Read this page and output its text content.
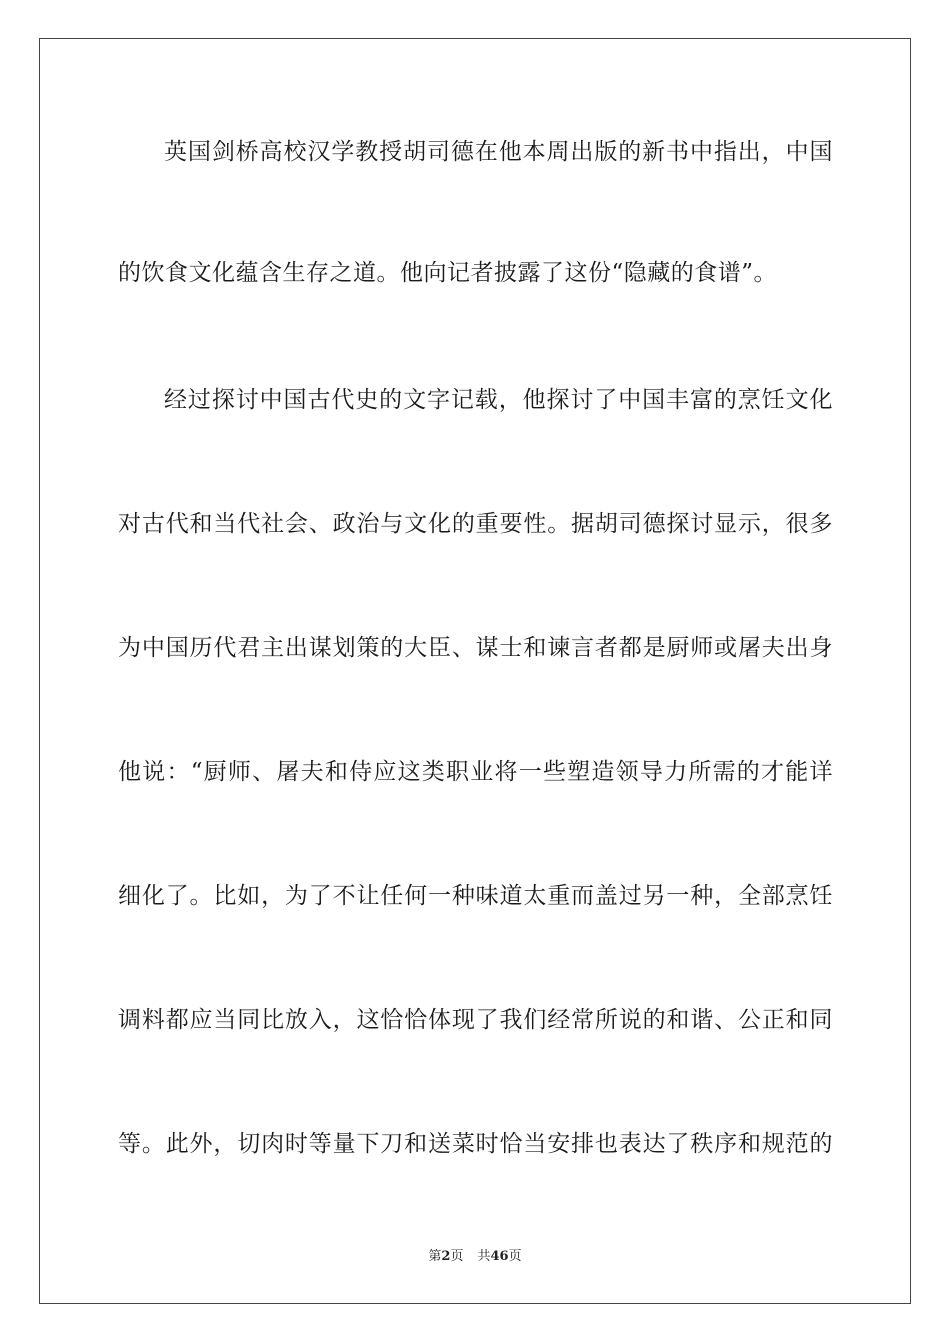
英国剑桥高校汉学教授胡司德在他本周出版的新书中指出，中国
的饮食文化蕴含生存之道。他向记者披露了这份“隐藏的食谱”。
经过探讨中国古代史的文字记载，他探讨了中国丰富的烹饪文化
对古代和当代社会、政治与文化的重要性。据胡司德探讨显示，很多
为中国历代君主出谋划策的大臣、谋士和谏言者都是厨师或屠夫出身
他说：“厨师、屠夫和侍应这类职业将一些塑造领导力所需的才能详
细化了。比如，为了不让任何一种味道太重而盖过另一种，全部烹饪
调料都应当同比放入，这恰恰体现了我们经常所说的和谐、公正和同
等。此外，切肉时等量下刀和送菜时恰当安排也表达了秩序和规范的
第2页 共46页
